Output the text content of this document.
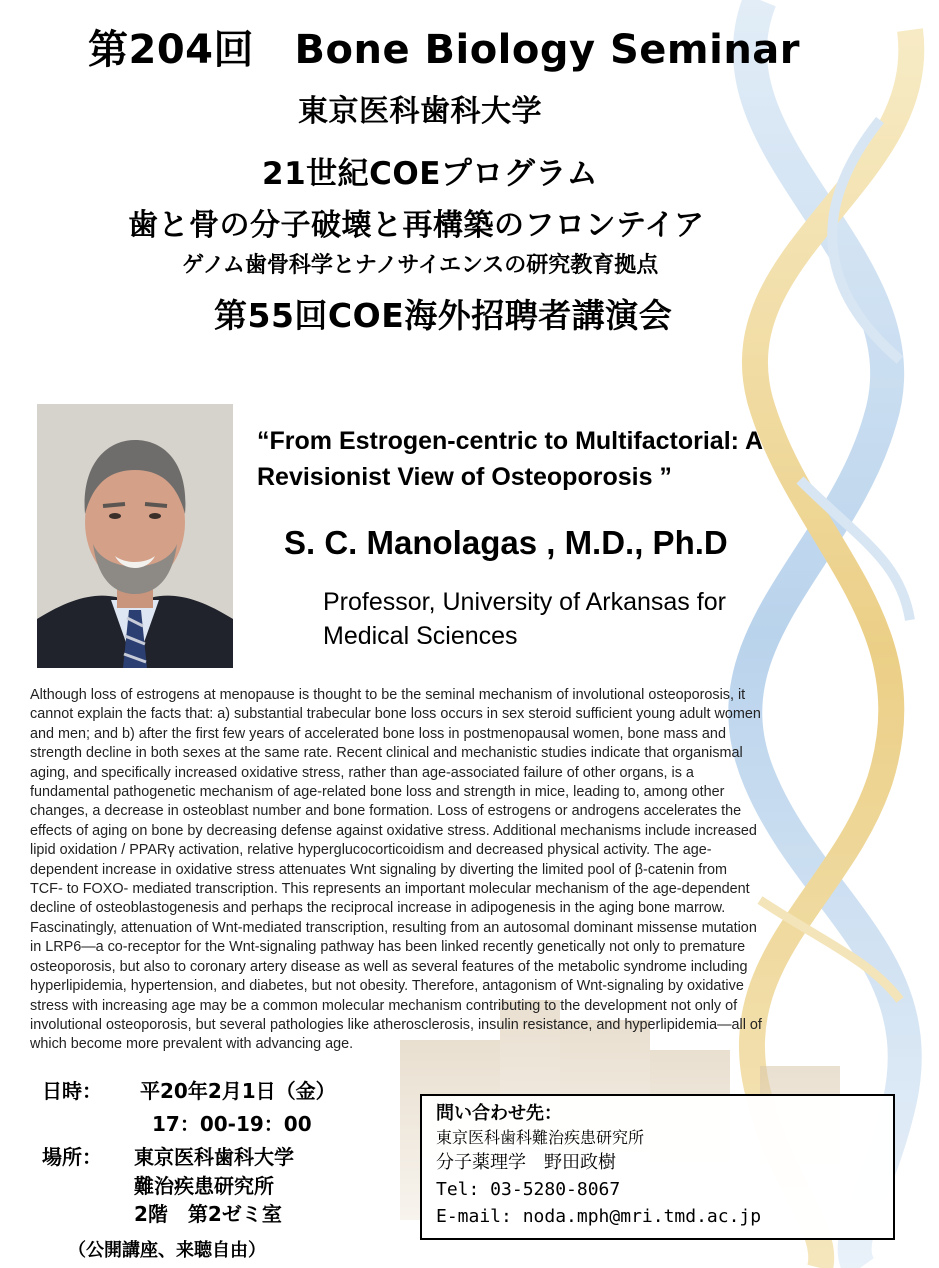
第204回　Bone Biology Seminar
東京医科歯科大学
21世紀COEプログラム
歯と骨の分子破壊と再構築のフロンテイア
ゲノム歯骨科学とナノサイエンスの研究教育拠点
第55回COE海外招聘者講演会
“From Estrogen-centric to Multifactorial: A
Revisionist View of Osteoporosis ”
S. C. Manolagas , M.D., Ph.D
Professor, University of Arkansas for
Medical Sciences
Although loss of estrogens at menopause is thought to be the seminal mechanism of involutional osteoporosis, it
cannot explain the facts that: a) substantial trabecular bone loss occurs in sex steroid sufficient young adult women
and men; and b) after the first few years of accelerated bone loss in postmenopausal women, bone mass and
strength decline in both sexes at the same rate. Recent clinical and mechanistic studies indicate that organismal
aging, and specifically increased oxidative stress, rather than age-associated failure of other organs, is a
fundamental pathogenetic mechanism of age-related bone loss and strength in mice, leading to, among other
changes, a decrease in osteoblast number and bone formation. Loss of estrogens or androgens accelerates the
effects of aging on bone by decreasing defense against oxidative stress. Additional mechanisms include increased
lipid oxidation / PPARγ activation, relative hyperglucocorticoidism and decreased physical activity. The age-
dependent increase in oxidative stress attenuates Wnt signaling by diverting the limited pool of β-catenin from
TCF- to FOXO- mediated transcription. This represents an important molecular mechanism of the age-dependent
decline of osteoblastogenesis and perhaps the reciprocal increase in adipogenesis in the aging bone marrow.
Fascinatingly, attenuation of Wnt-mediated transcription, resulting from an autosomal dominant missense mutation
in LRP6—a co-receptor for the Wnt-signaling pathway has been linked recently genetically not only to premature
osteoporosis, but also to coronary artery disease as well as several features of the metabolic syndrome including
hyperlipidemia, hypertension, and diabetes, but not obesity. Therefore, antagonism of Wnt-signaling by oxidative
stress with increasing age may be a common molecular mechanism contributing to the development not only of
involutional osteoporosis, but several pathologies like atherosclerosis, insulin resistance, and hyperlipidemia—all of
which become more prevalent with advancing age.
日時： 平20年2月1日（金）
17：00-19：00
場所： 東京医科歯科大学
難治疾患研究所
2階　第2ゼミ室
（公開講座、来聴自由）
問い合わせ先：
東京医科歯科難治疾患研究所
分子薬理学　野田政樹
Tel: 03-5280-8067
E-mail: noda.mph@mri.tmd.ac.jp
